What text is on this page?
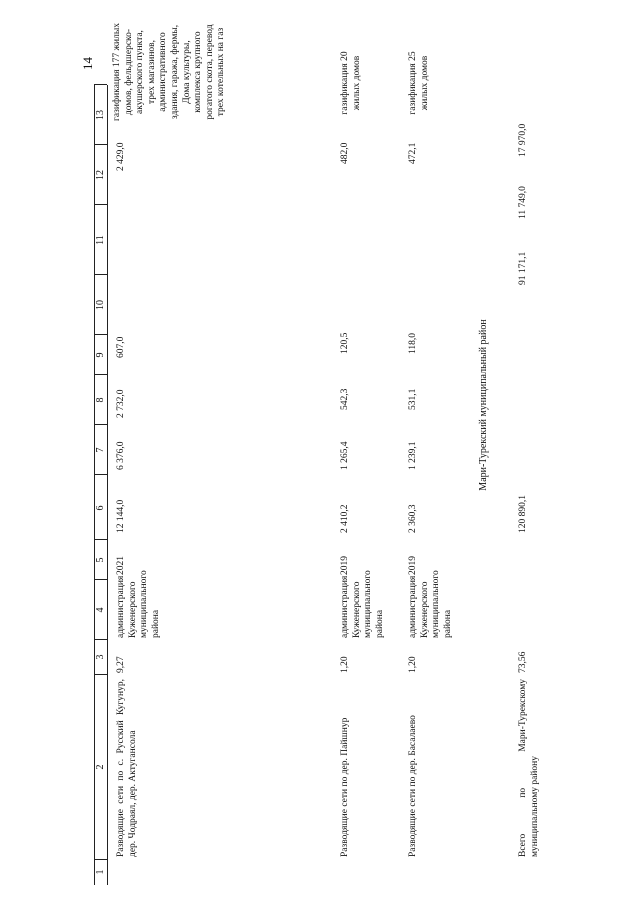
14
1
2
3
4
5
6
7
8
9
10
11
12
13
Разводящие сети по с. Русский Кугунур, дер. Чодраял, дер. Актугансола
9,27
администрация Куженерского муниципального района
2021
12 144,0
6 376,0
2 732,0
607,0
2 429,0
газификация 177 жилых домов, фельдшерско-акушерского пункта, трех магазинов, административного здания, гаража, фермы, Дома культуры, комплекса крупного рогатого скота, перевод трех котельных на газ
Разводящие сети по дер. Пайшнур
1,20
администрация Куженерского муниципального района
2019
2 410,2
1 265,4
542,3
120,5
482,0
газификация 20 жилых домов
Разводящие сети по дер. Басалаево
1,20
администрация Куженерского муниципального района
2019
2 360,3
1 239,1
531,1
118,0
472,1
газификация 25 жилых домов
Мари-Турекский муниципальный район
Всего по Мари-Турекскому муниципальному району
73,56
120 890,1
91 171,1
11 749,0
17 970,0
